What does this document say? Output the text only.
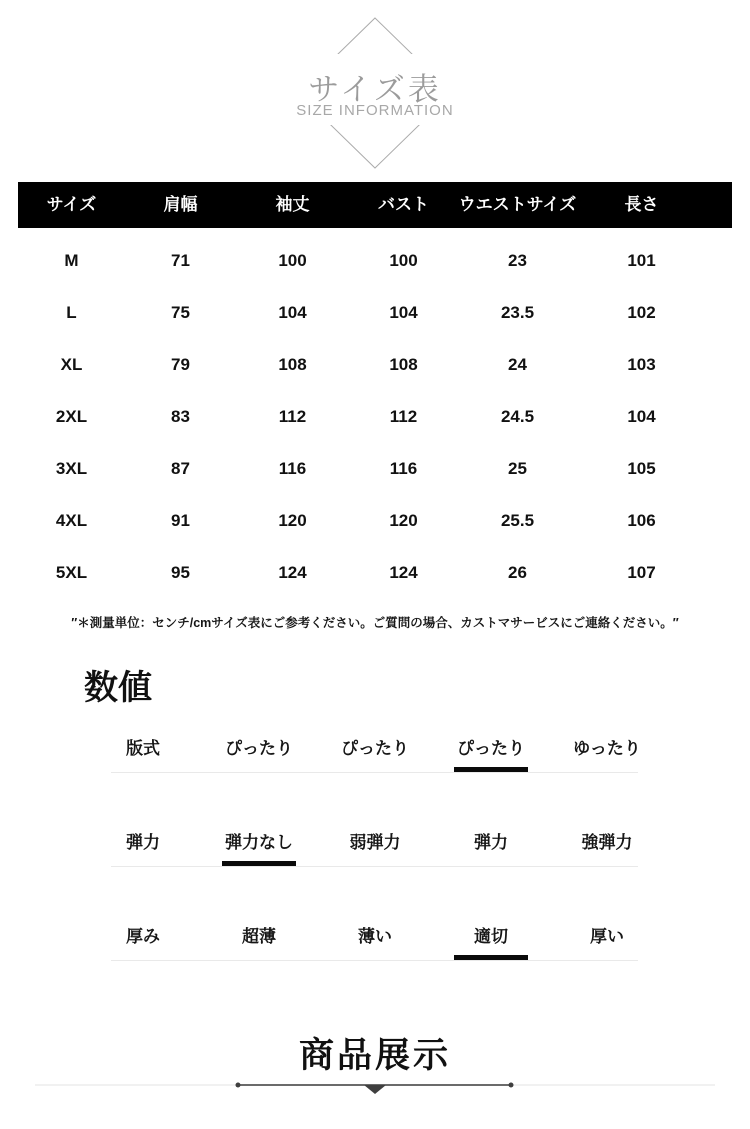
サイズ表
SIZE INFORMATION
サイズ	肩幅	袖丈	バスト	ウエストサイズ	長さ
M	71	100	100	23	101
L	75	104	104	23.5	102
XL	79	108	108	24	103
2XL	83	112	112	24.5	104
3XL	87	116	116	25	105
4XL	91	120	120	25.5	106
5XL	95	124	124	26	107
″＊測量単位：センチ/cmサイズ表にご参考ください。ご質問の場合、カストマサービスにご連絡ください。″
数値
版式	ぴったり	ぴったり	ぴったり	ゆったり
弾力	弾力なし	弱弾力	弾力	強弾力
厚み	超薄	薄い	適切	厚い
商品展示
